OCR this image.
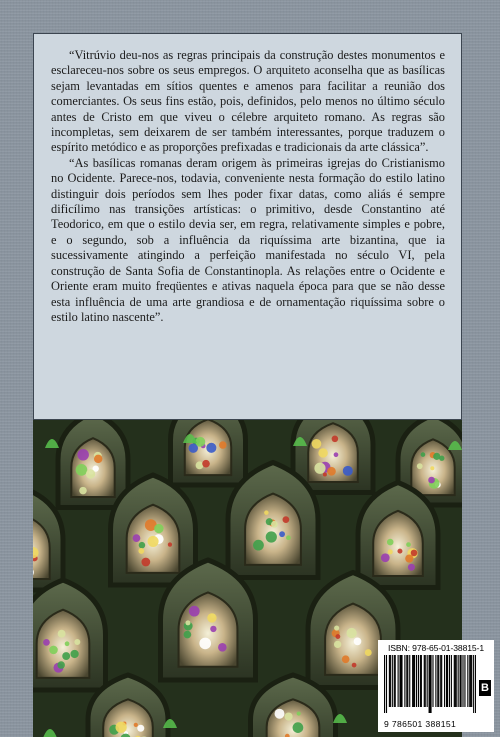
“Vitrúvio deu-nos as regras principais da construção destes monumentos e esclareceu-nos sobre os seus empregos. O arquiteto aconselha que as basílicas sejam levantadas em sítios quentes e amenos para facilitar a reunião dos comerciantes. Os seus fins estão, pois, definidos, pelo menos no último século antes de Cristo em que viveu o célebre arquiteto romano. As regras são incompletas, sem deixarem de ser também interessantes, porque traduzem o espírito metódico e as proporções prefixadas e tradicionais da arte clássica”.

“As basílicas romanas deram origem às primeiras igrejas do Cristianismo no Ocidente. Parece-nos, todavia, conveniente nesta formação do estilo latino distinguir dois períodos sem lhes poder fixar datas, como aliás é sempre dificílimo nas transições artísticas: o primitivo, desde Constantino até Teodorico, em que o estilo devia ser, em regra, relativamente simples e pobre, e o segundo, sob a influência da riquíssima arte bizantina, que ia sucessivamente atingindo a perfeição manifestada no século VI, pela construção de Santa Sofia de Constantinopla. As relações entre o Ocidente e Oriente eram muito freqüentes e ativas naquela época para que se não desse esta influência de uma arte grandiosa e de ornamentação riquíssima sobre o estilo latino nascente”.

ISBN: 978-65-01-38815-1
B
9 786501 388151
